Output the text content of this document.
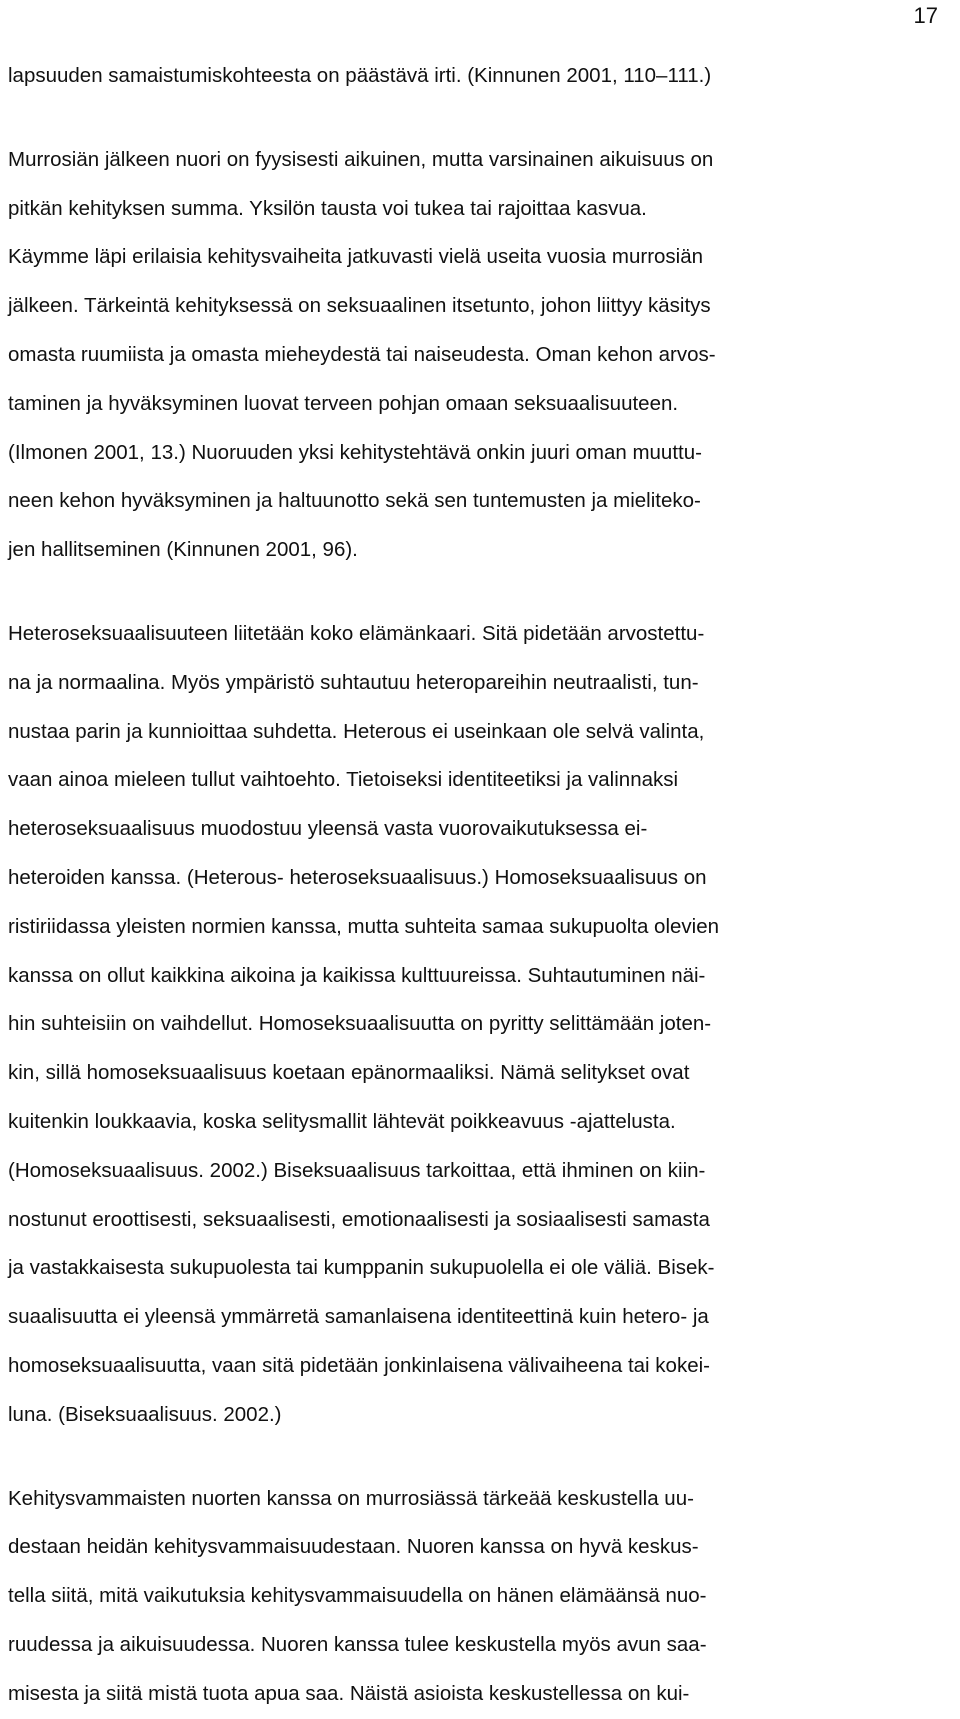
17
lapsuuden samaistumiskohteesta on päästävä irti. (Kinnunen 2001, 110–111.)
Murrosiän jälkeen nuori on fyysisesti aikuinen, mutta varsinainen aikuisuus on
pitkän kehityksen summa. Yksilön tausta voi tukea tai rajoittaa kasvua.
Käymme läpi erilaisia kehitysvaiheita jatkuvasti vielä useita vuosia murrosiän
jälkeen. Tärkeintä kehityksessä on seksuaalinen itsetunto, johon liittyy käsitys
omasta ruumiista ja omasta mieheydestä tai naiseudesta. Oman kehon arvos-
taminen ja hyväksyminen luovat terveen pohjan omaan seksuaalisuuteen.
(Ilmonen 2001, 13.) Nuoruuden yksi kehitystehtävä onkin juuri oman muuttu-
neen kehon hyväksyminen ja haltuunotto sekä sen tuntemusten ja mielitekо-
jen hallitseminen (Kinnunen 2001, 96).
Heteroseksuaalisuuteen liitetään koko elämänkaari. Sitä pidetään arvostettu-
na ja normaalina. Myös ympäristö suhtautuu heteropareihin neutraalisti, tun-
nustaa parin ja kunnioittaa suhdetta. Heterous ei useinkaan ole selvä valinta,
vaan ainoa mieleen tullut vaihtoehto. Tietoiseksi identiteetiksi ja valinnaksi
heteroseksuaalisuus muodostuu yleensä vasta vuorovaikutuksessa ei-
heteroiden kanssa. (Heterous- heteroseksuaalisuus.) Homoseksuaalisuus on
ristiriidassa yleisten normien kanssa, mutta suhteita samaa sukupuolta olevien
kanssa on ollut kaikkina aikoina ja kaikissa kulttuureissa. Suhtautuminen näi-
hin suhteisiin on vaihdellut. Homoseksuaalisuutta on pyritty selittämään joten-
kin, sillä homoseksuaalisuus koetaan epänormaaliksi. Nämä selitykset ovat
kuitenkin loukkaavia, koska selitysmallit lähtevät poikkeavuus -ajattelusta.
(Homoseksuaalisuus. 2002.) Biseksuaalisuus tarkoittaa, että ihminen on kiin-
nostunut eroottisesti, seksuaalisesti, emotionaalisesti ja sosiaalisesti samasta
ja vastakkaisesta sukupuolesta tai kumppanin sukupuolella ei ole väliä. Bisek-
suaalisuutta ei yleensä ymmärretä samanlaisena identiteettinä kuin hetero- ja
homoseksuaalisuutta, vaan sitä pidetään jonkinlaisena välivaiheena tai kokei-
luna. (Biseksuaalisuus. 2002.)
Kehitysvammaisten nuorten kanssa on murrosiässä tärkeää keskustella uu-
destaan heidän kehitysvammaisuudestaan. Nuoren kanssa on hyvä keskus-
tella siitä, mitä vaikutuksia kehitysvammaisuudella on hänen elämäänsä nuo-
ruudessa ja aikuisuudessa. Nuoren kanssa tulee keskustella myös avun saa-
misesta ja siitä mistä tuota apua saa. Näistä asioista keskustellessa on kui-
